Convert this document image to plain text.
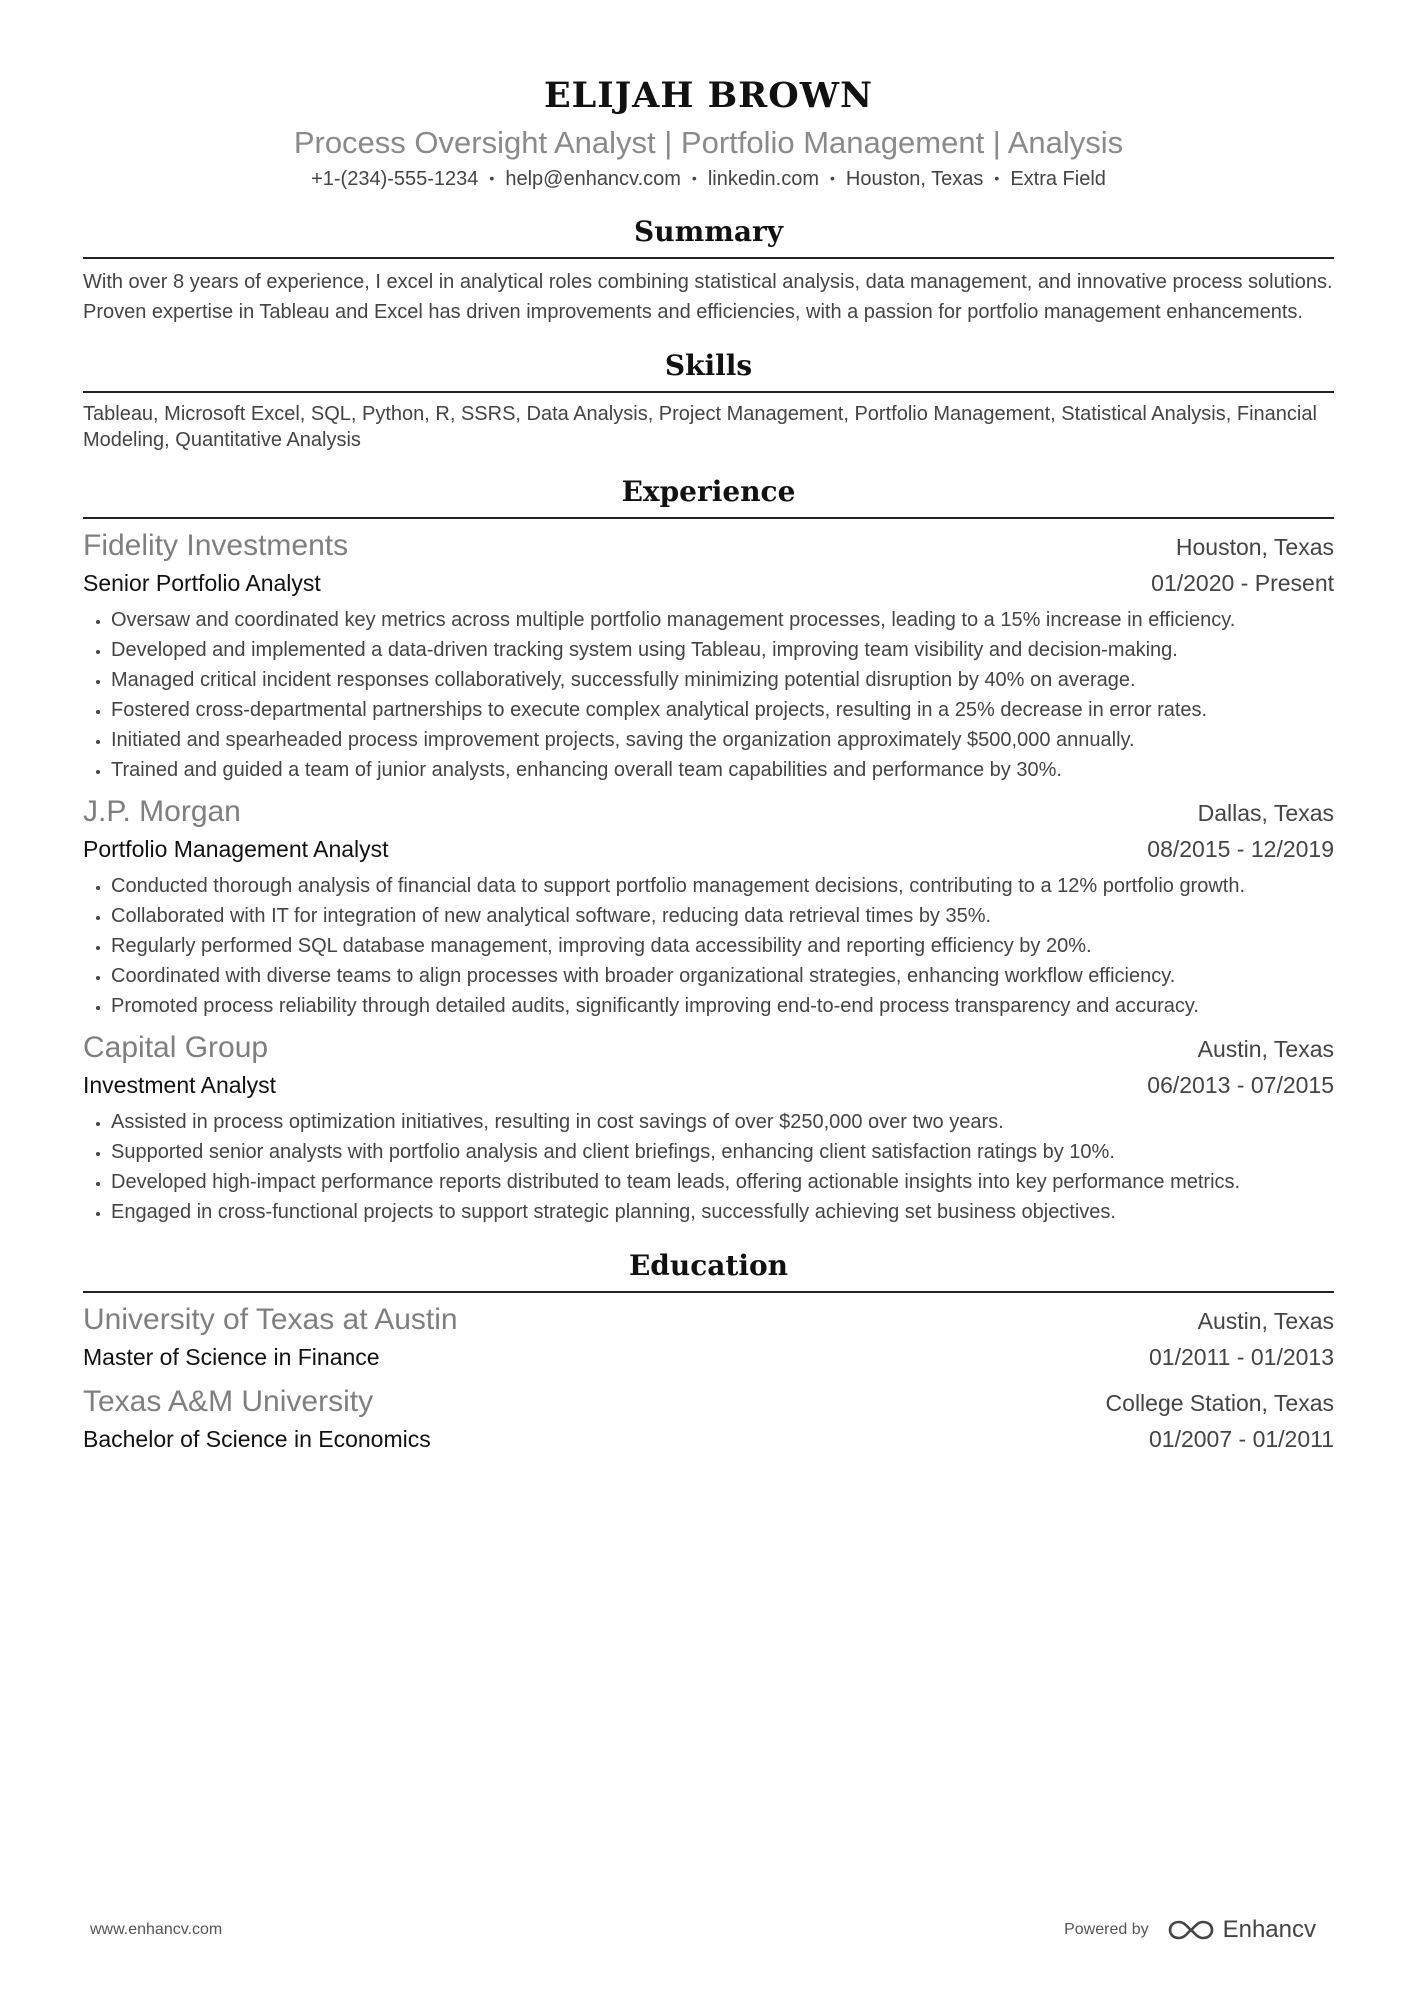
ELIJAH BROWN
Process Oversight Analyst | Portfolio Management | Analysis
+1-(234)-555-1234 • help@enhancv.com • linkedin.com • Houston, Texas • Extra Field
Summary
With over 8 years of experience, I excel in analytical roles combining statistical analysis, data management, and innovative process solutions. Proven expertise in Tableau and Excel has driven improvements and efficiencies, with a passion for portfolio management enhancements.
Skills
Tableau, Microsoft Excel, SQL, Python, R, SSRS, Data Analysis, Project Management, Portfolio Management, Statistical Analysis, Financial Modeling, Quantitative Analysis
Experience
Fidelity Investments	Houston, Texas
Senior Portfolio Analyst	01/2020 - Present
• Oversaw and coordinated key metrics across multiple portfolio management processes, leading to a 15% increase in efficiency.
• Developed and implemented a data-driven tracking system using Tableau, improving team visibility and decision-making.
• Managed critical incident responses collaboratively, successfully minimizing potential disruption by 40% on average.
• Fostered cross-departmental partnerships to execute complex analytical projects, resulting in a 25% decrease in error rates.
• Initiated and spearheaded process improvement projects, saving the organization approximately $500,000 annually.
• Trained and guided a team of junior analysts, enhancing overall team capabilities and performance by 30%.
J.P. Morgan	Dallas, Texas
Portfolio Management Analyst	08/2015 - 12/2019
• Conducted thorough analysis of financial data to support portfolio management decisions, contributing to a 12% portfolio growth.
• Collaborated with IT for integration of new analytical software, reducing data retrieval times by 35%.
• Regularly performed SQL database management, improving data accessibility and reporting efficiency by 20%.
• Coordinated with diverse teams to align processes with broader organizational strategies, enhancing workflow efficiency.
• Promoted process reliability through detailed audits, significantly improving end-to-end process transparency and accuracy.
Capital Group	Austin, Texas
Investment Analyst	06/2013 - 07/2015
• Assisted in process optimization initiatives, resulting in cost savings of over $250,000 over two years.
• Supported senior analysts with portfolio analysis and client briefings, enhancing client satisfaction ratings by 10%.
• Developed high-impact performance reports distributed to team leads, offering actionable insights into key performance metrics.
• Engaged in cross-functional projects to support strategic planning, successfully achieving set business objectives.
Education
University of Texas at Austin	Austin, Texas
Master of Science in Finance	01/2011 - 01/2013
Texas A&M University	College Station, Texas
Bachelor of Science in Economics	01/2007 - 01/2011
www.enhancv.com	Powered by	Enhancv
